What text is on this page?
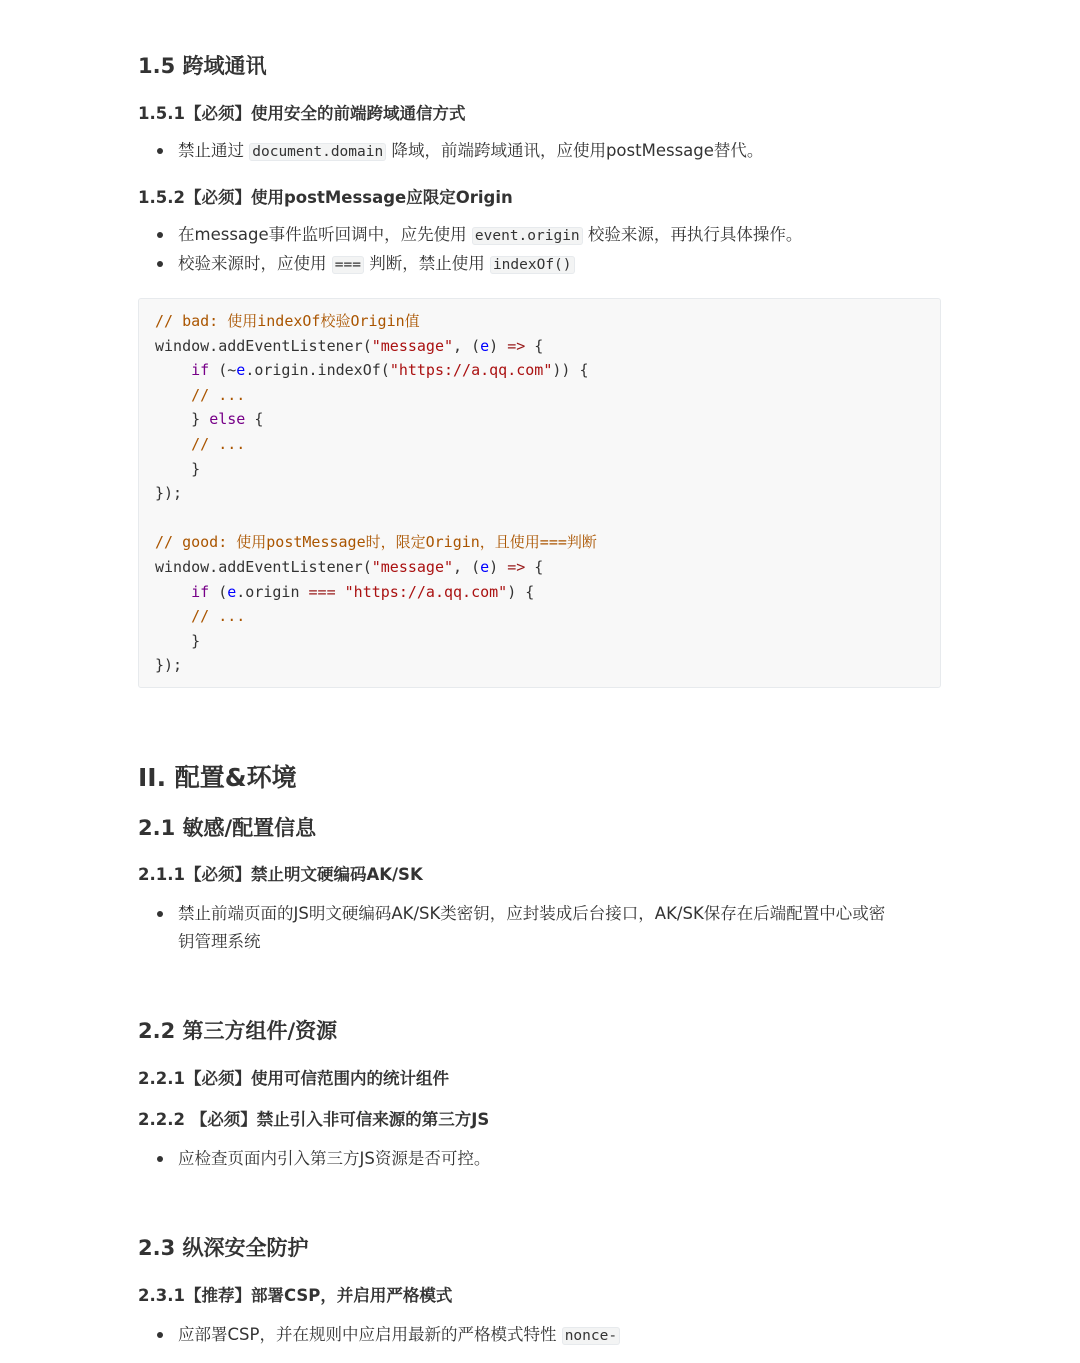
1.5 跨域通讯
1.5.1【必须】使用安全的前端跨域通信方式
禁止通过 document.domain 降域，前端跨域通讯，应使用postMessage替代。
1.5.2【必须】使用postMessage应限定Origin
在message事件监听回调中，应先使用 event.origin 校验来源，再执行具体操作。
校验来源时，应使用 === 判断，禁止使用 indexOf()
// bad: 使用indexOf校验Origin值
window.addEventListener("message", (e) => {
if (~e.origin.indexOf("https://a.qq.com")) {
// ...
} else {
// ...
}
});
// good: 使用postMessage时，限定Origin，且使用===判断
window.addEventListener("message", (e) => {
if (e.origin === "https://a.qq.com") {
// ...
}
});
II. 配置&环境
2.1 敏感/配置信息
2.1.1【必须】禁止明文硬编码AK/SK
禁止前端页面的JS明文硬编码AK/SK类密钥，应封装成后台接口，AK/SK保存在后端配置中心或密
钥管理系统
2.2 第三方组件/资源
2.2.1【必须】使用可信范围内的统计组件
2.2.2 【必须】禁止引入非可信来源的第三方JS
应检查页面内引入第三方JS资源是否可控。
2.3 纵深安全防护
2.3.1【推荐】部署CSP，并启用严格模式
应部署CSP，并在规则中应启用最新的严格模式特性 nonce-
